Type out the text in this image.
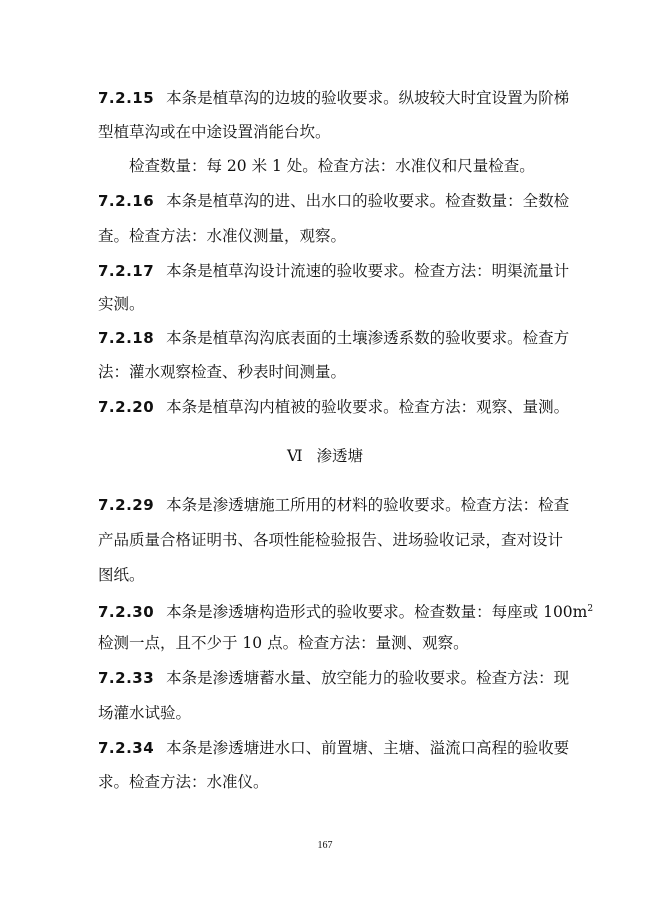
7.2.15 本条是植草沟的边坡的验收要求。纵坡较大时宜设置为阶梯
型植草沟或在中途设置消能台坎。
检查数量：每 20 米 1 处。检查方法：水准仪和尺量检查。
7.2.16 本条是植草沟的进、出水口的验收要求。检查数量：全数检
查。检查方法：水准仪测量，观察。
7.2.17 本条是植草沟设计流速的验收要求。检查方法：明渠流量计
实测。
7.2.18 本条是植草沟沟底表面的土壤渗透系数的验收要求。检查方
法：灌水观察检查、秒表时间测量。
7.2.20 本条是植草沟内植被的验收要求。检查方法：观察、量测。
Ⅵ 渗透塘
7.2.29 本条是渗透塘施工所用的材料的验收要求。检查方法：检查
产品质量合格证明书、各项性能检验报告、进场验收记录，查对设计
图纸。
7.2.30 本条是渗透塘构造形式的验收要求。检查数量：每座或 $100m^2$
检测一点，且不少于 10 点。检查方法：量测、观察。
7.2.33 本条是渗透塘蓄水量、放空能力的验收要求。检查方法：现
场灌水试验。
7.2.34 本条是渗透塘进水口、前置塘、主塘、溢流口高程的验收要
求。检查方法：水准仪。
167
